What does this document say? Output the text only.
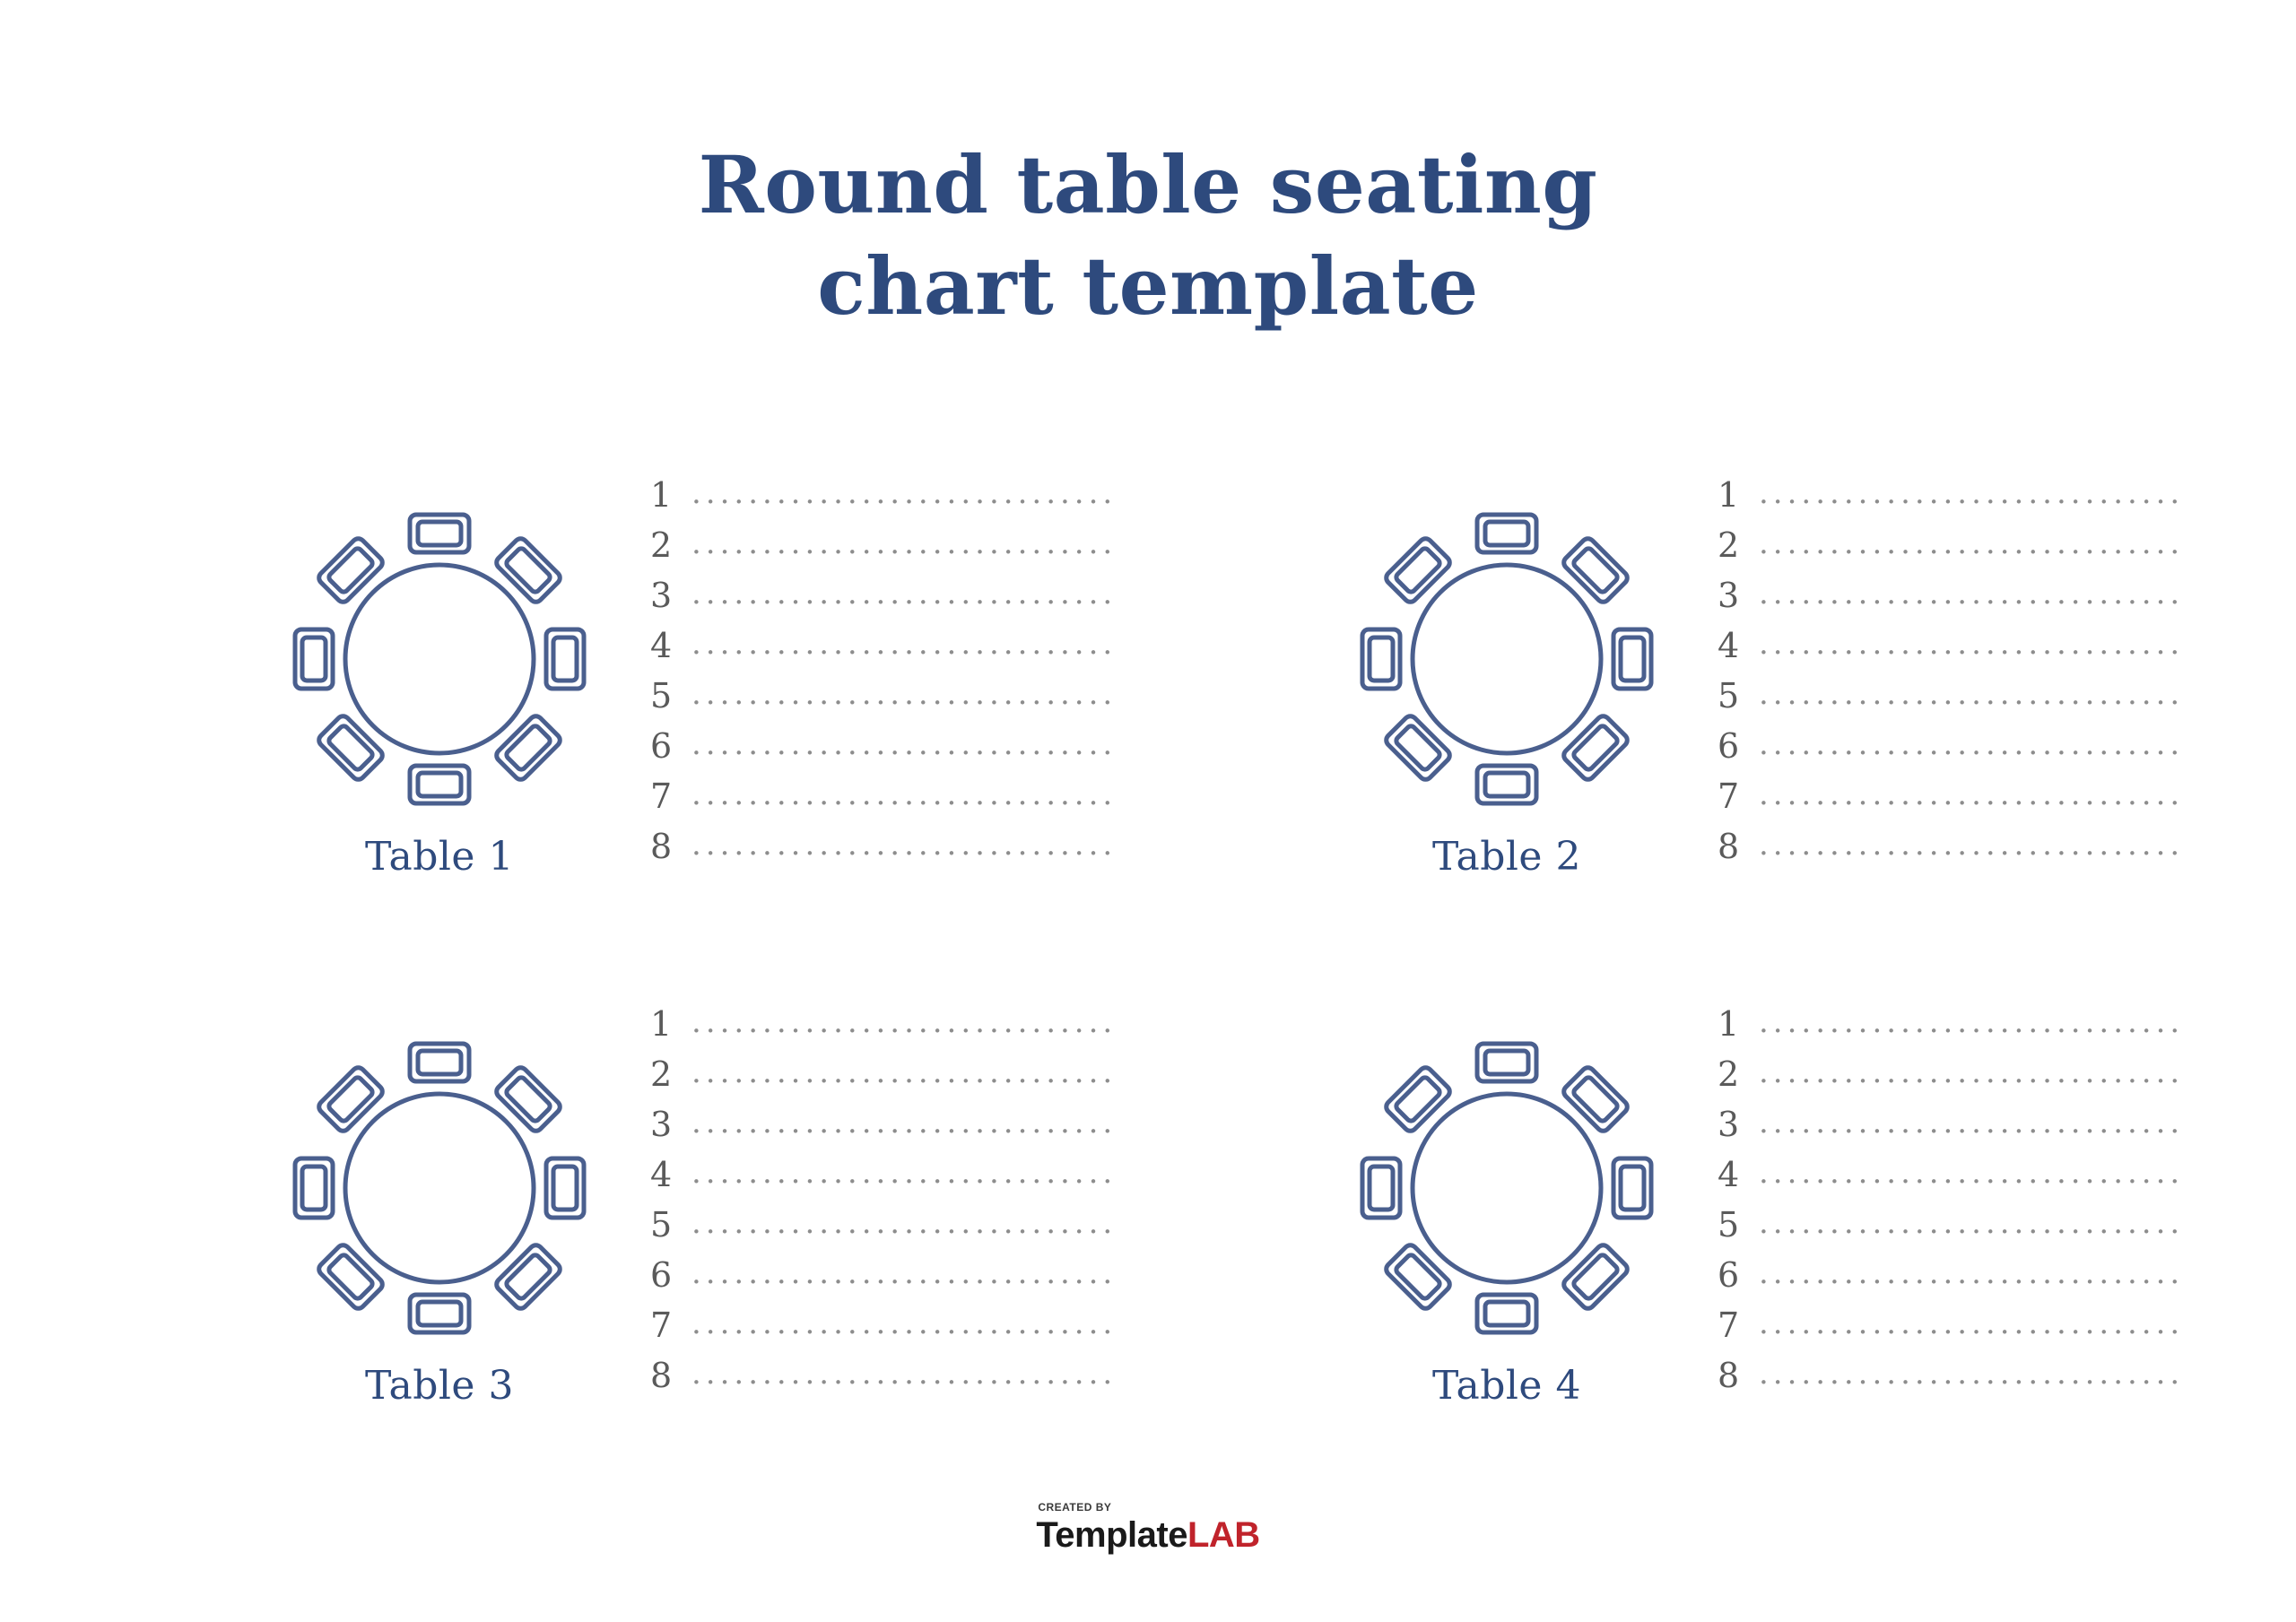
Round table seating
chart template
Table 1
1 ..............................
2 ..............................
3 ..............................
4 ..............................
5 ..............................
6 ..............................
7 ..............................
8 ..............................	Table 2
1 ..............................
2 ..............................
3 ..............................
4 ..............................
5 ..............................
6 ..............................
7 ..............................
8 ..............................
Table 3
1 ..............................
2 ..............................
3 ..............................
4 ..............................
5 ..............................
6 ..............................
7 ..............................
8 ..............................	Table 4
1 ..............................
2 ..............................
3 ..............................
4 ..............................
5 ..............................
6 ..............................
7 ..............................
8 ..............................
CREATED BY
TemplateLAB
